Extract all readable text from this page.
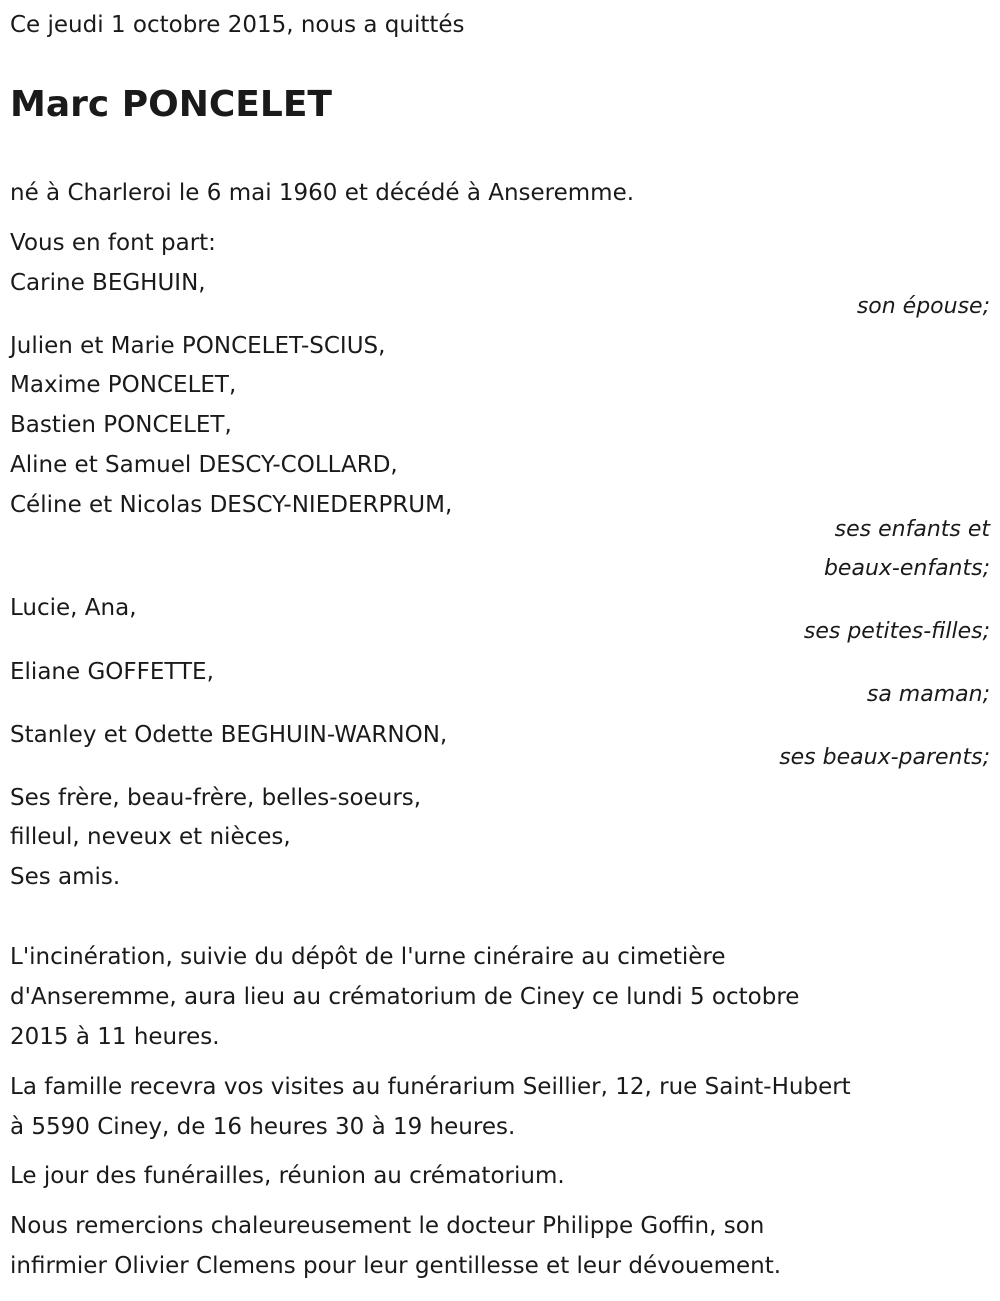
Ce jeudi 1 octobre 2015, nous a quittés
Marc PONCELET
né à Charleroi le 6 mai 1960 et décédé à Anseremme.
Vous en font part:
Carine BEGHUIN,
son épouse;
Julien et Marie PONCELET-SCIUS,
Maxime PONCELET,
Bastien PONCELET,
Aline et Samuel DESCY-COLLARD,
Céline et Nicolas DESCY-NIEDERPRUM,
ses enfants et
beaux-enfants;
Lucie, Ana,
ses petites-filles;
Eliane GOFFETTE,
sa maman;
Stanley et Odette BEGHUIN-WARNON,
ses beaux-parents;
Ses frère, beau-frère, belles-soeurs,
filleul, neveux et nièces,
Ses amis.
L'incinération, suivie du dépôt de l'urne cinéraire au cimetière
d'Anseremme, aura lieu au crématorium de Ciney ce lundi 5 octobre
2015 à 11 heures.
La famille recevra vos visites au funérarium Seillier, 12, rue Saint-Hubert
à 5590 Ciney, de 16 heures 30 à 19 heures.
Le jour des funérailles, réunion au crématorium.
Nous remercions chaleureusement le docteur Philippe Goffin, son
infirmier Olivier Clemens pour leur gentillesse et leur dévouement.
